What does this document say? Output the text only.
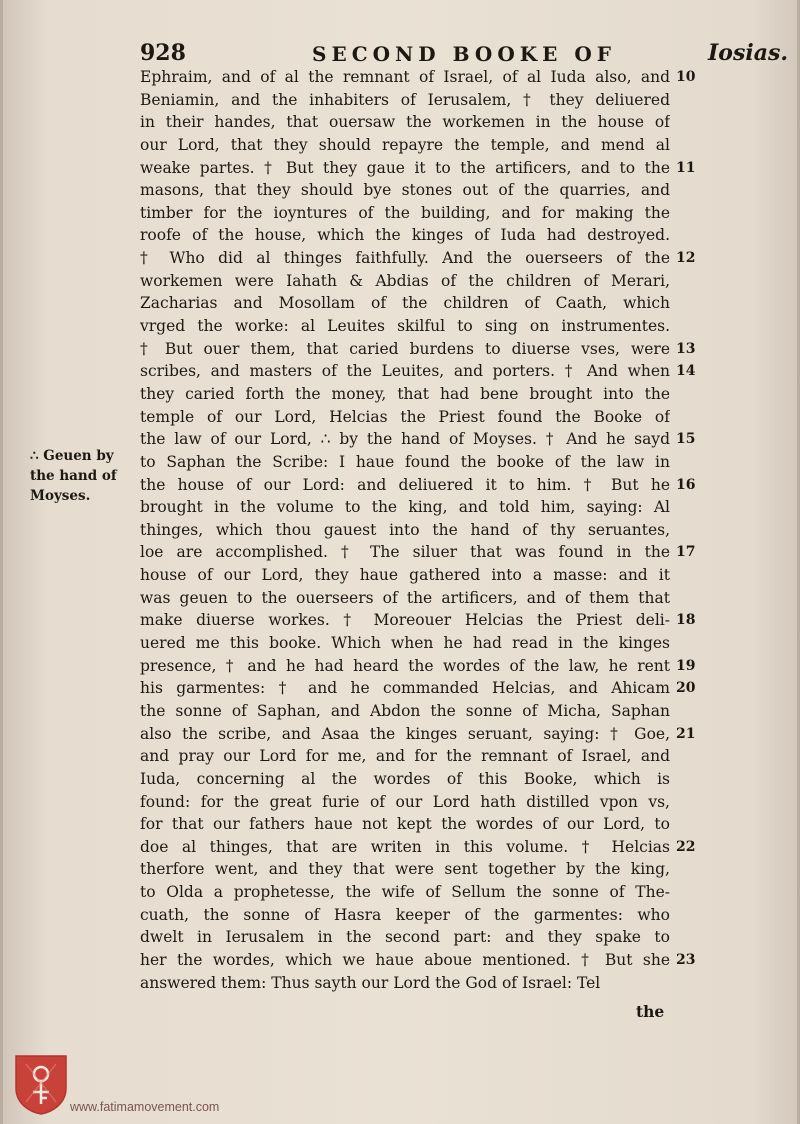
928	SECOND BOOKE OF	Iosias.
∴ Geuen by
the hand of
Moyses.
Ephraim, and of al the remnant of Israel, of al Iuda also, and
Beniamin, and the inhabiters of Ierusalem, † they deliuered
in their handes, that ouersaw the workemen in the house of
our Lord, that they should repayre the temple, and mend al
weake partes. † But they gaue it to the artificers, and to the
masons, that they should bye stones out of the quarries, and
timber for the ioyntures of the building, and for making the
roofe of the house, which the kinges of Iuda had destroyed.
† Who did al thinges faithfully. And the ouerseers of the
workemen were Iahath & Abdias of the children of Merari,
Zacharias and Mosollam of the children of Caath, which
vrged the worke: al Leuites skilful to sing on instrumentes.
† But ouer them, that caried burdens to diuerse vses, were
scribes, and masters of the Leuites, and porters. † And when
they caried forth the money, that had bene brought into the
temple of our Lord, Helcias the Priest found the Booke of
the law of our Lord, ∴ by the hand of Moyses. † And he sayd
to Saphan the Scribe: I haue found the booke of the law in
the house of our Lord: and deliuered it to him. † But he
brought in the volume to the king, and told him, saying: Al
thinges, which thou gauest into the hand of thy seruantes,
loe are accomplished. † The siluer that was found in the
house of our Lord, they haue gathered into a masse: and it
was geuen to the ouerseers of the artificers, and of them that
make diuerse workes. † Moreouer Helcias the Priest deli-
uered me this booke. Which when he had read in the kinges
presence, † and he had heard the wordes of the law, he rent
his garmentes: † and he commanded Helcias, and Ahicam
the sonne of Saphan, and Abdon the sonne of Micha, Saphan
also the scribe, and Asaa the kinges seruant, saying: † Goe,
and pray our Lord for me, and for the remnant of Israel, and
Iuda, concerning al the wordes of this Booke, which is
found: for the great furie of our Lord hath distilled vpon vs,
for that our fathers haue not kept the wordes of our Lord, to
doe al thinges, that are writen in this volume. † Helcias
therfore went, and they that were sent together by the king,
to Olda a prophetesse, the wife of Sellum the sonne of The-
cuath, the sonne of Hasra keeper of the garmentes: who
dwelt in Ierusalem in the second part: and they spake to
her the wordes, which we haue aboue mentioned. † But she
answered them: Thus sayth our Lord the God of Israel: Tel
10
11
12
13
14
15
16
17
18
19
20
21
22
23
the
www.fatimamovement.com
